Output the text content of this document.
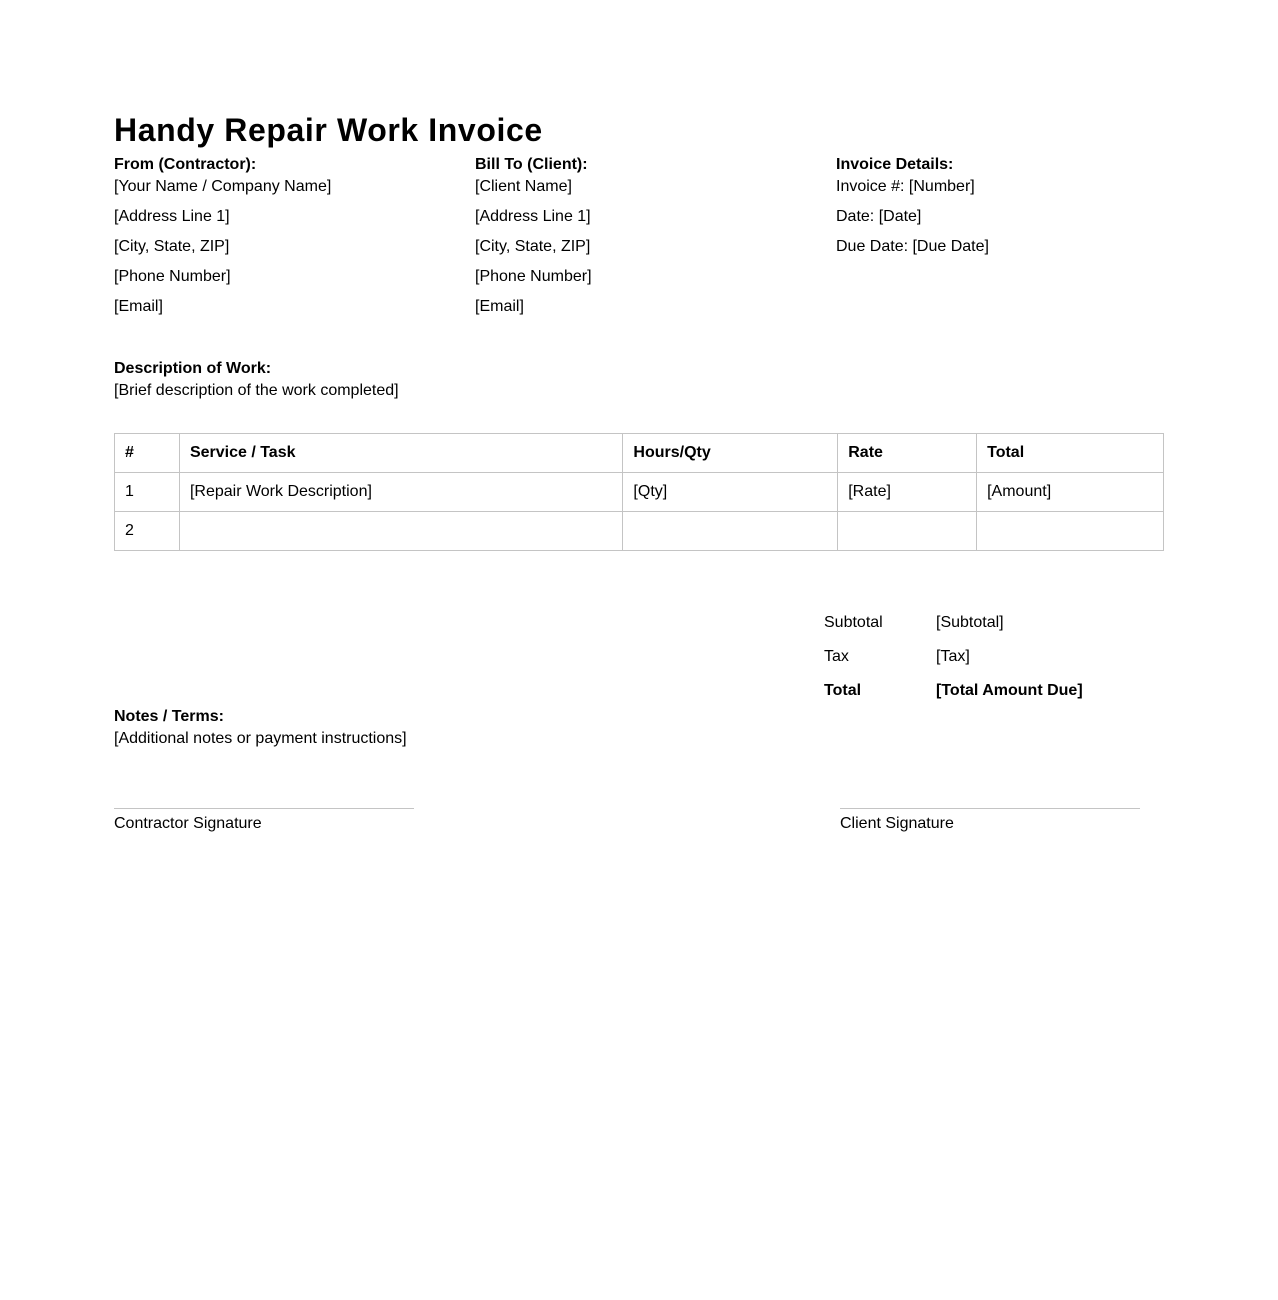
Handy Repair Work Invoice
From (Contractor):
[Your Name / Company Name]
[Address Line 1]
[City, State, ZIP]
[Phone Number]
[Email]
Bill To (Client):
[Client Name]
[Address Line 1]
[City, State, ZIP]
[Phone Number]
[Email]
Invoice Details:
Invoice #: [Number]
Date: [Date]
Due Date: [Due Date]
Description of Work:
[Brief description of the work completed]
#	Service / Task	Hours/Qty	Rate	Total
1	[Repair Work Description]	[Qty]	[Rate]	[Amount]
2				
Subtotal	[Subtotal]
Tax	[Tax]
Total	[Total Amount Due]
Notes / Terms:
[Additional notes or payment instructions]
Contractor Signature	Client Signature
